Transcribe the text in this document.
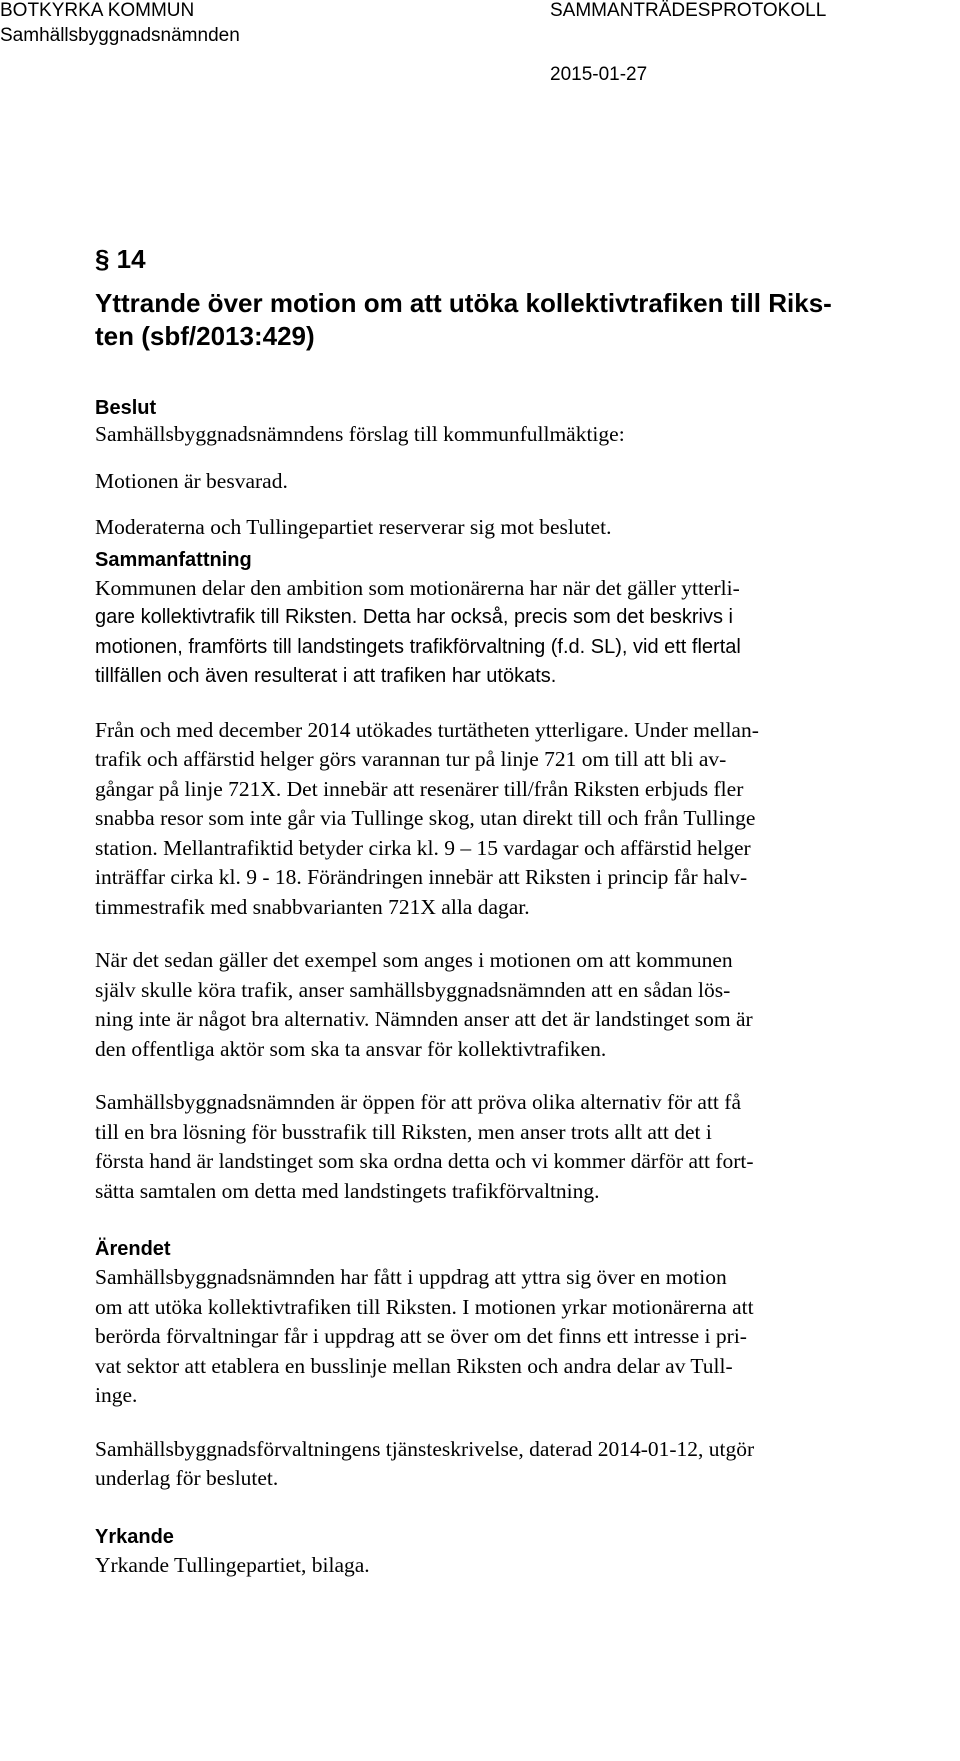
BOTKYRKA KOMMUN
Samhällsbyggnadsnämnden
SAMMANTRÄDESPROTOKOLL
2015-01-27
§ 14
Yttrande över motion om att utöka kollektivtrafiken till Riks-
ten (sbf/2013:429)
Beslut
Samhällsbyggnadsnämndens förslag till kommunfullmäktige:
Motionen är besvarad.
Moderaterna och Tullingepartiet reserverar sig mot beslutet.
Sammanfattning
Kommunen delar den ambition som motionärerna har när det gäller ytterli-
gare kollektivtrafik till Riksten. Detta har också, precis som det beskrivs i
motionen, framförts till landstingets trafikförvaltning (f.d. SL), vid ett flertal
tillfällen och även resulterat i att trafiken har utökats.
Från och med december 2014 utökades turtätheten ytterligare. Under mellan-
trafik och affärstid helger görs varannan tur på linje 721 om till att bli av-
gångar på linje 721X. Det innebär att resenärer till/från Riksten erbjuds fler
snabba resor som inte går via Tullinge skog, utan direkt till och från Tullinge
station. Mellantrafiktid betyder cirka kl. 9 – 15 vardagar och affärstid helger
inträffar cirka kl. 9 - 18. Förändringen innebär att Riksten i princip får halv-
timmestrafik med snabbvarianten 721X alla dagar.
När det sedan gäller det exempel som anges i motionen om att kommunen
själv skulle köra trafik, anser samhällsbyggnadsnämnden att en sådan lös-
ning inte är något bra alternativ. Nämnden anser att det är landstinget som är
den offentliga aktör som ska ta ansvar för kollektivtrafiken.
Samhällsbyggnadsnämnden är öppen för att pröva olika alternativ för att få
till en bra lösning för busstrafik till Riksten, men anser trots allt att det i
första hand är landstinget som ska ordna detta och vi kommer därför att fort-
sätta samtalen om detta med landstingets trafikförvaltning.
Ärendet
Samhällsbyggnadsnämnden har fått i uppdrag att yttra sig över en motion
om att utöka kollektivtrafiken till Riksten. I motionen yrkar motionärerna att
berörda förvaltningar får i uppdrag att se över om det finns ett intresse i pri-
vat sektor att etablera en busslinje mellan Riksten och andra delar av Tull-
inge.
Samhällsbyggnadsförvaltningens tjänsteskrivelse, daterad 2014-01-12, utgör
underlag för beslutet.
Yrkande
Yrkande Tullingepartiet, bilaga.
